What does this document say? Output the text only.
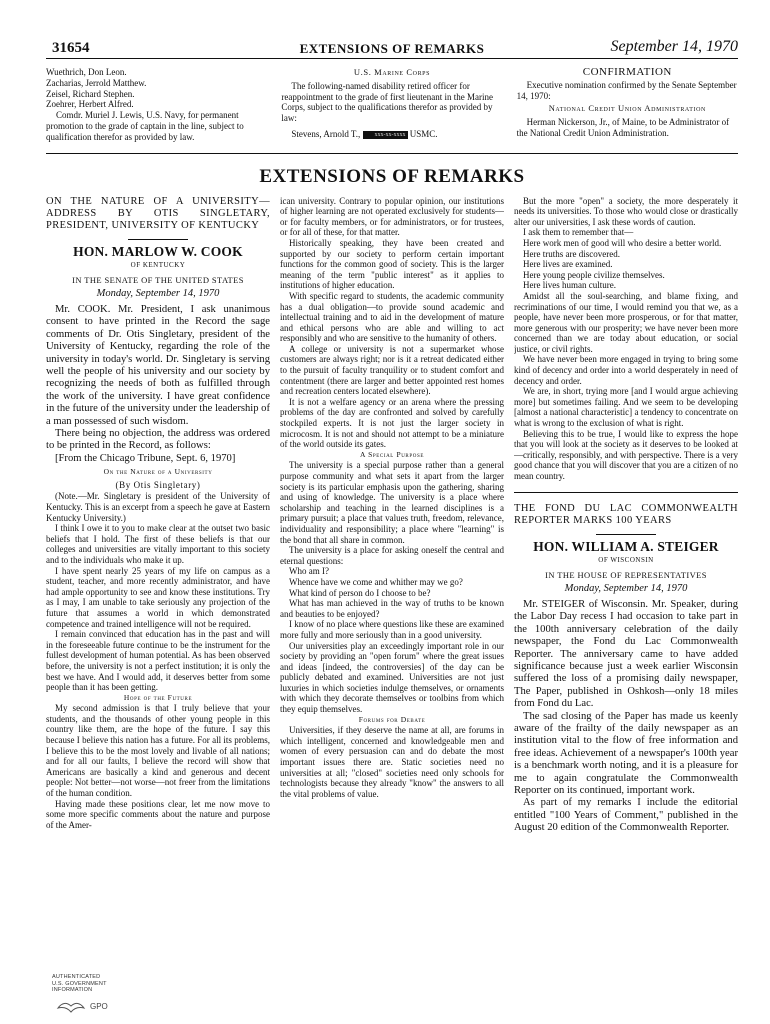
31654	EXTENSIONS OF REMARKS	September 14, 1970

Wuethrich, Don Leon.

Zacharias, Jerrold Matthew.

Zeisel, Richard Stephen.

Zoehrer, Herbert Alfred.

Comdr. Muriel J. Lewis, U.S. Navy, for permanent promotion to the grade of captain in the line, subject to qualification therefor as provided by law.

U.S. Marine Corps

The following-named disability retired officer for reappointment to the grade of first lieutenant in the Marine Corps, subject to the qualifications therefor as provided by law:

Stevens, Arnold T., xxx-xx-xxxx USMC.

CONFIRMATION

Executive nomination confirmed by the Senate September 14, 1970:

National Credit Union Administration

Herman Nickerson, Jr., of Maine, to be Administrator of the National Credit Union Administration.

EXTENSIONS OF REMARKS

ON THE NATURE OF A UNIVERSITY—ADDRESS BY OTIS SINGLETARY, PRESIDENT, UNIVERSITY OF KENTUCKY

HON. MARLOW W. COOK
OF KENTUCKY
IN THE SENATE OF THE UNITED STATES
Monday, September 14, 1970

Mr. COOK. Mr. President, I ask unanimous consent to have printed in the Record the sage comments of Dr. Otis Singletary, president of the University of Kentucky, regarding the role of the university in today's world. Dr. Singletary is serving well the people of his university and our society by recognizing the needs of both as fulfilled through the work of the university. I have great confidence in the future of the university under the leadership of a man possessed of such wisdom.

There being no objection, the address was ordered to be printed in the Record, as follows:

[From the Chicago Tribune, Sept. 6, 1970]

On the Nature of a University

(By Otis Singletary)

(Note.—Mr. Singletary is president of the University of Kentucky. This is an excerpt from a speech he gave at Eastern Kentucky University.)

I think I owe it to you to make clear at the outset two basic beliefs that I hold. The first of these beliefs is that our colleges and universities are vitally important to this society and to the individuals who make it up.

I have spent nearly 25 years of my life on campus as a student, teacher, and more recently administrator, and have had ample opportunity to see and know these institutions. Try as I may, I am unable to take seriously any projection of the future that assumes a world in which demonstrated competence and trained intelligence will not be required.

I remain convinced that education has in the past and will in the foreseeable future continue to be the instrument for the fullest development of human potential. As has been observed before, the university is not a perfect institution; it is only the best we have. And I would add, it deserves better from some people than it has been getting.

Hope of the Future

My second admission is that I truly believe that your students, and the thousands of other young people in this country like them, are the hope of the future. I say this because I believe this nation has a future. For all its problems, I believe this to be the most lovely and livable of all nations; and for all our faults, I believe the record will show that Americans are basically a kind and generous and decent people: Not better—not worse—not freer from the limitations of the human condition.

Having made these positions clear, let me now move to some more specific comments about the nature and purpose of the Amer-

ican university. Contrary to popular opinion, our institutions of higher learning are not operated exclusively for students—or for faculty members, or for administrators, or for trustees, or for all of these, for that matter.

Historically speaking, they have been created and supported by our society to perform certain important functions for the common good of society. This is the larger meaning of the term "public interest" as it applies to institutions of higher education.

With specific regard to students, the academic community has a dual obligation—to provide sound academic and intellectual training and to aid in the development of mature and ethical persons who are able and willing to act responsibly and who are sensitive to the humanity of others.

A college or university is not a supermarket whose customers are always right; nor is it a retreat dedicated either to the pursuit of faculty tranquility or to student comfort and contentment (there are larger and better appointed rest homes and recreation centers located elsewhere).

It is not a welfare agency or an arena where the pressing problems of the day are confronted and solved by carefully stockpiled experts. It is not just the larger society in microcosm. It is not and should not attempt to be a miniature of the world outside its gates.

A Special Purpose

The university is a special purpose rather than a general purpose community and what sets it apart from the larger society is its particular emphasis upon the gathering, sharing and using of knowledge. The university is a place where scholarship and teaching in the learned disciplines is a primary pursuit; a place that values truth, freedom, relevance, individuality and responsibility; a place where "learning" is the bond that all share in common.

The university is a place for asking oneself the central and eternal questions:

Who am I?

Whence have we come and whither may we go?

What kind of person do I choose to be?

What has man achieved in the way of truths to be known and beauties to be enjoyed?

I know of no place where questions like these are examined more fully and more seriously than in a good university.

Our universities play an exceedingly important role in our society by providing an "open forum" where the great issues and ideas [indeed, the controversies] of the day can be publicly debated and examined. Universities are not just luxuries in which societies indulge themselves, or ornaments with which they decorate themselves or toolbins from which they equip themselves.

Forums for Debate

Universities, if they deserve the name at all, are forums in which intelligent, concerned and knowledgeable men and women of every persuasion can and do debate the most important issues there are. Static societies need no universities at all; "closed" societies need only schools for technologists because they already "know" the answers to all the vital problems of value.

But the more "open" a society, the more desperately it needs its universities. To those who would close or drastically alter our universities, I ask these words of caution.

I ask them to remember that—

Here work men of good will who desire a better world.

Here truths are discovered.

Here lives are examined.

Here young people civilize themselves.

Here lives human culture.

Amidst all the soul-searching, and blame fixing, and recriminations of our time, I would remind you that we, as a people, have never been more prosperous, or for that matter, more generous with our prosperity; we have never been more concerned than we are today about education, or social justice, or civil rights.

We have never been more engaged in trying to bring some kind of decency and order into a world desperately in need of decency and order.

We are, in short, trying more [and I would argue achieving more] but sometimes failing. And we seem to be developing [almost a national characteristic] a tendency to concentrate on what is wrong to the exclusion of what is right.

Believing this to be true, I would like to express the hope that you will look at the society as it deserves to be looked at—critically, responsibly, and with perspective. There is a very good chance that you will discover that you are a citizen of no mean country.

THE FOND DU LAC COMMONWEALTH REPORTER MARKS 100 YEARS

HON. WILLIAM A. STEIGER
OF WISCONSIN
IN THE HOUSE OF REPRESENTATIVES
Monday, September 14, 1970

Mr. STEIGER of Wisconsin. Mr. Speaker, during the Labor Day recess I had occasion to take part in the 100th anniversary celebration of the daily newspaper, the Fond du Lac Commonwealth Reporter. The anniversary came to have added significance because just a week earlier Wisconsin suffered the loss of a promising daily newspaper, The Paper, published in Oshkosh—only 18 miles from Fond du Lac.

The sad closing of the Paper has made us keenly aware of the frailty of the daily newspaper as an institution vital to the flow of free information and free ideas. Achievement of a newspaper's 100th year is a benchmark worth noting, and it is a pleasure for me to again congratulate the Commonwealth Reporter on its continued, important work.

As part of my remarks I include the editorial entitled "100 Years of Comment," published in the August 20 edition of the Commonwealth Reporter.

AUTHENTICATED
U.S. GOVERNMENT
INFORMATION
GPO
